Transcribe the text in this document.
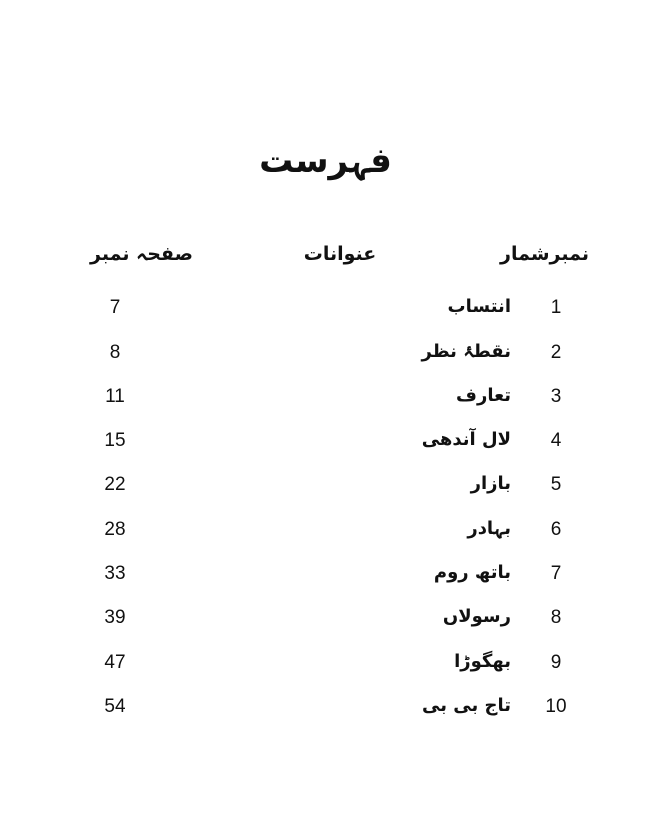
فہرست
نمبرشمار
عنوانات
صفحہ نمبر
1
انتساب
7
2
نقطۂ نظر
8
3
تعارف
11
4
لال آندھی
15
5
بازار
22
6
بہادر
28
7
باتھ روم
33
8
رسولاں
39
9
بھگوڑا
47
10
تاج بی بی
54
